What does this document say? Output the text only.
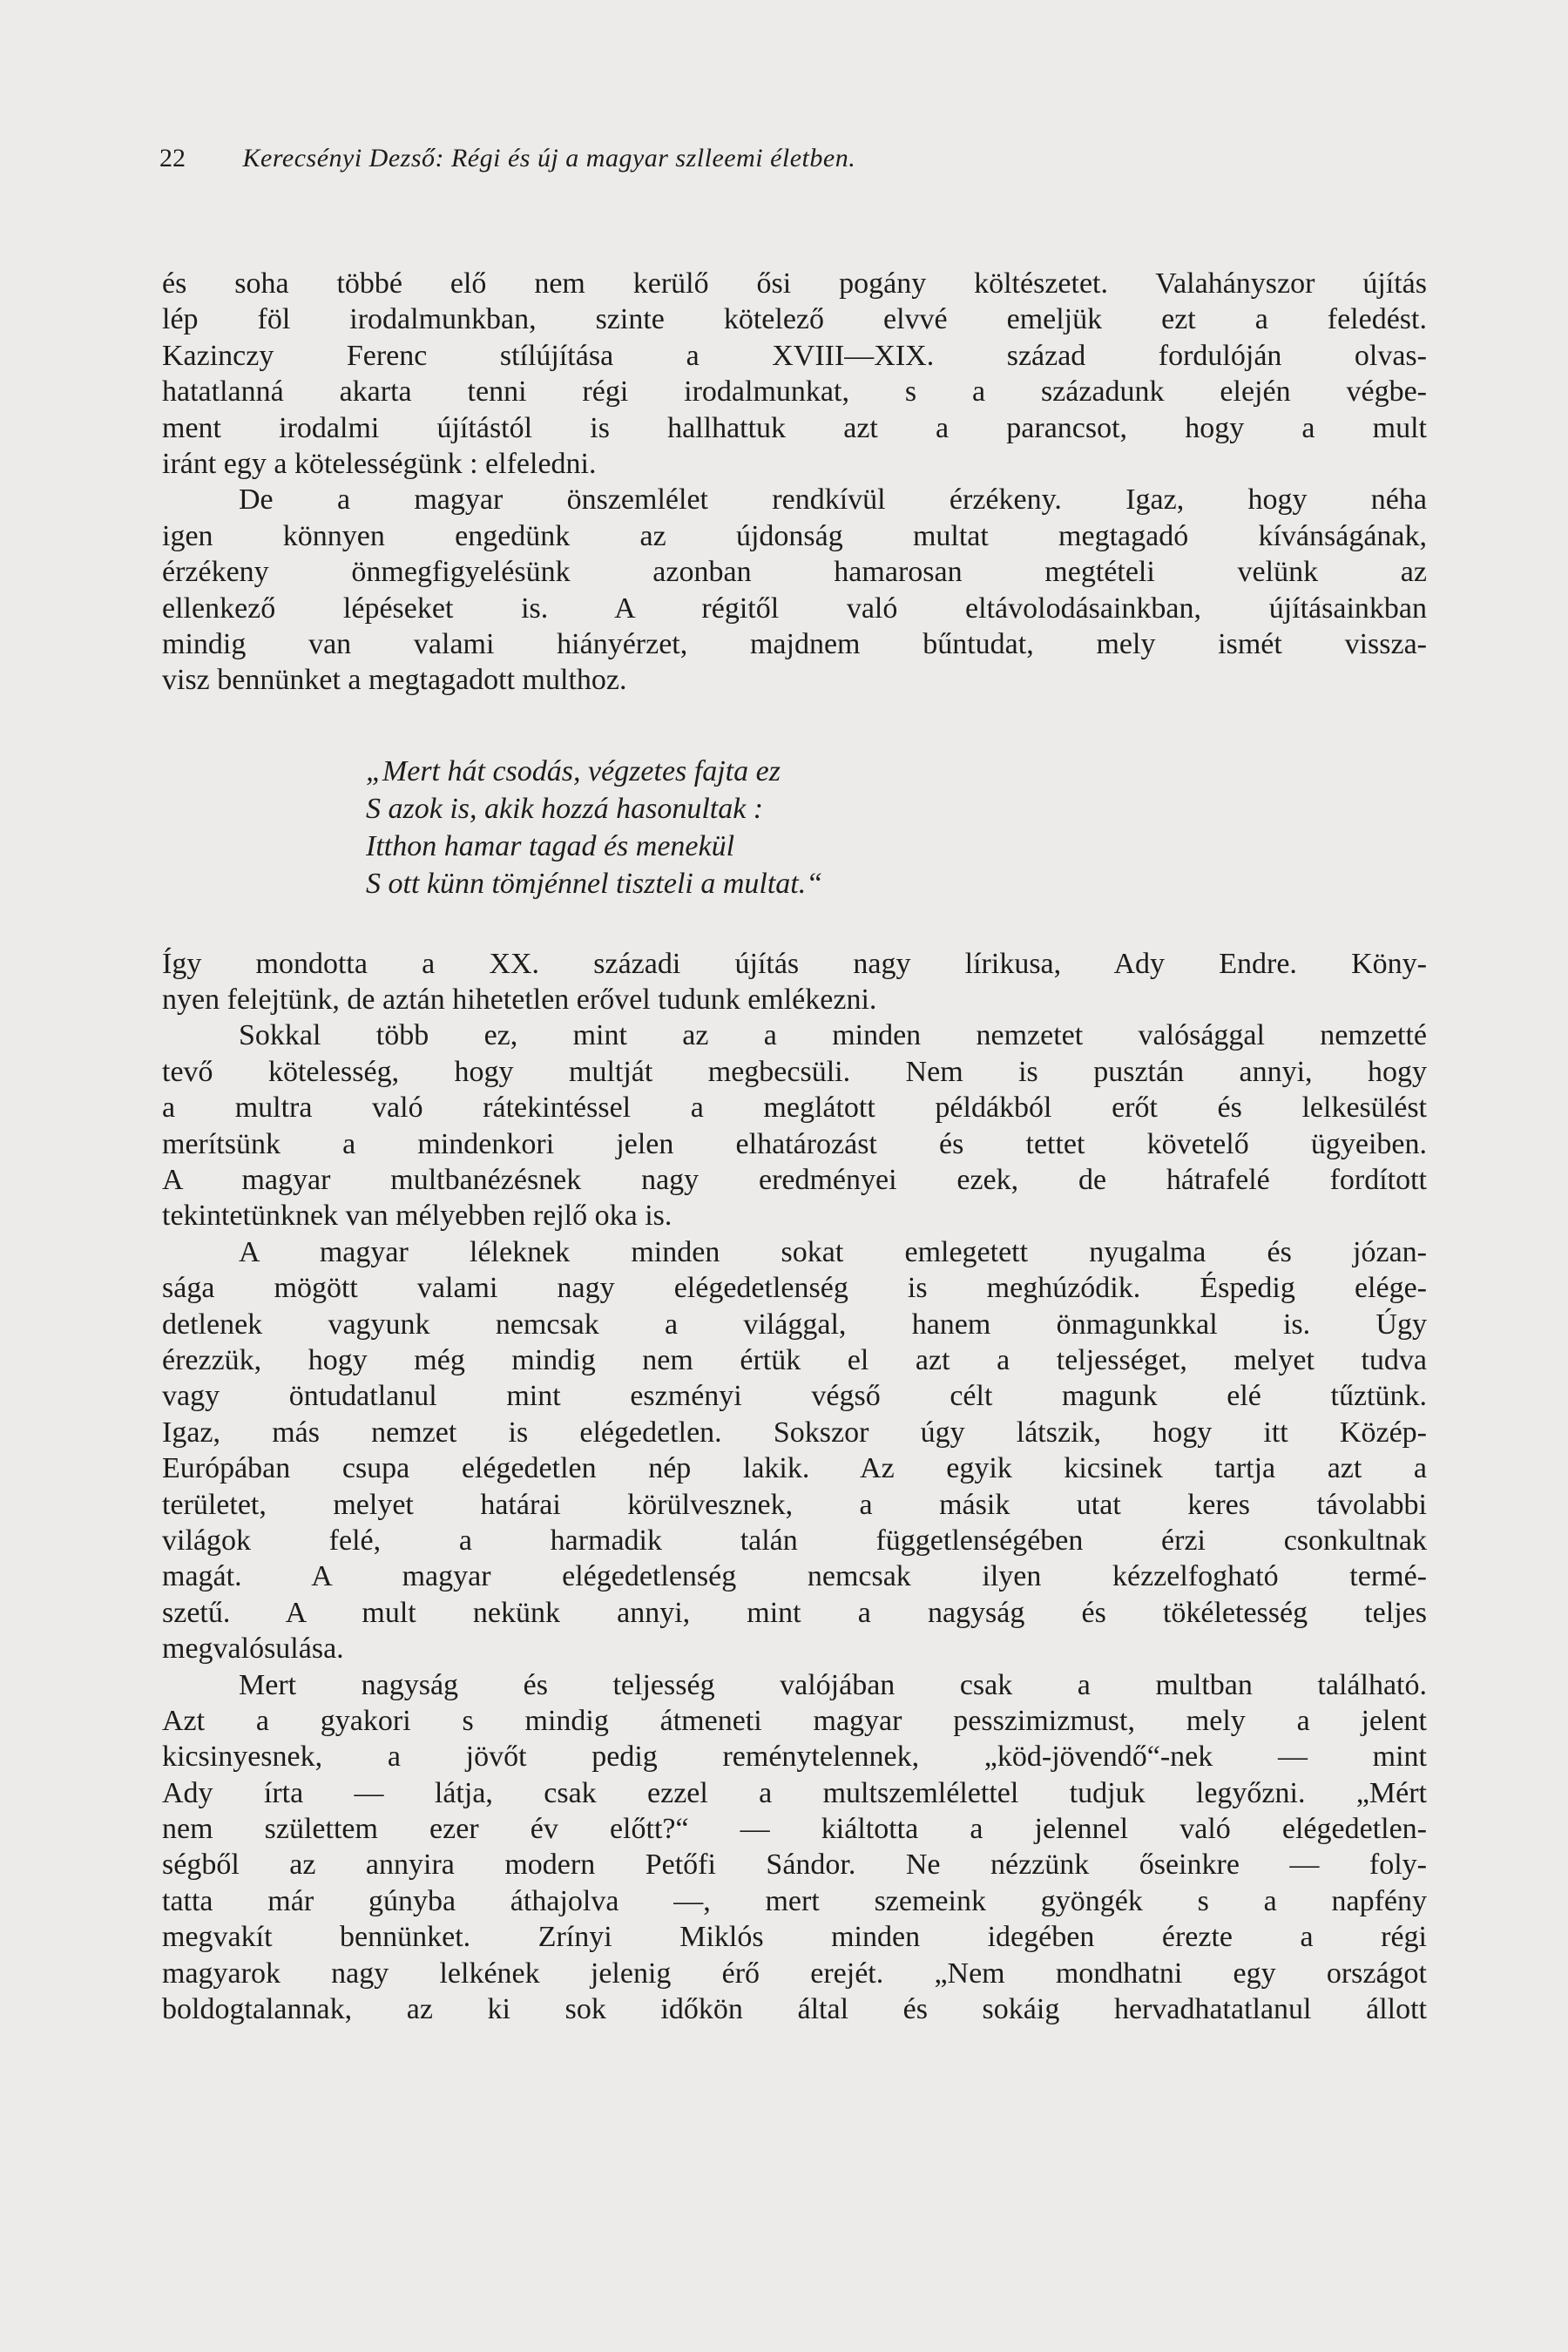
22 Kerecsényi Dezső: Régi és új a magyar szlleemi életben.
és soha többé elő nem kerülő ősi pogány költészetet. Valahányszor újítás
lép föl irodalmunkban, szinte kötelező elvvé emeljük ezt a feledést.
Kazinczy Ferenc stílújítása a XVIII—XIX. század fordulóján olvas-
hatatlanná akarta tenni régi irodalmunkat, s a századunk elején végbe-
ment irodalmi újítástól is hallhattuk azt a parancsot, hogy a mult
iránt egy a kötelességünk : elfeledni.
De a magyar önszemlélet rendkívül érzékeny. Igaz, hogy néha
igen könnyen engedünk az újdonság multat megtagadó kívánságának,
érzékeny önmegfigyelésünk azonban hamarosan megtételi velünk az
ellenkező lépéseket is. A régitől való eltávolodásainkban, újításainkban
mindig van valami hiányérzet, majdnem bűntudat, mely ismét vissza-
visz bennünket a megtagadott multhoz.
„Mert hát csodás, végzetes fajta ez
S azok is, akik hozzá hasonultak :
Itthon hamar tagad és menekül
S ott künn tömjénnel tiszteli a multat.“
Így mondotta a XX. századi újítás nagy lírikusa, Ady Endre. Köny-
nyen felejtünk, de aztán hihetetlen erővel tudunk emlékezni.
Sokkal több ez, mint az a minden nemzetet valósággal nemzetté
tevő kötelesség, hogy multját megbecsüli. Nem is pusztán annyi, hogy
a multra való rátekintéssel a meglátott példákból erőt és lelkesülést
merítsünk a mindenkori jelen elhatározást és tettet követelő ügyeiben.
A magyar multbanézésnek nagy eredményei ezek, de hátrafelé fordított
tekintetünknek van mélyebben rejlő oka is.
A magyar léleknek minden sokat emlegetett nyugalma és józan-
sága mögött valami nagy elégedetlenség is meghúzódik. Éspedig elége-
detlenek vagyunk nemcsak a világgal, hanem önmagunkkal is. Úgy
érezzük, hogy még mindig nem értük el azt a teljességet, melyet tudva
vagy öntudatlanul mint eszményi végső célt magunk elé tűztünk.
Igaz, más nemzet is elégedetlen. Sokszor úgy látszik, hogy itt Közép-
Európában csupa elégedetlen nép lakik. Az egyik kicsinek tartja azt a
területet, melyet határai körülvesznek, a másik utat keres távolabbi
világok felé, a harmadik talán függetlenségében érzi csonkultnak
magát. A magyar elégedetlenség nemcsak ilyen kézzelfogható termé-
szetű. A mult nekünk annyi, mint a nagyság és tökéletesség teljes
megvalósulása.
Mert nagyság és teljesség valójában csak a multban található.
Azt a gyakori s mindig átmeneti magyar pesszimizmust, mely a jelent
kicsinyesnek, a jövőt pedig reménytelennek, „köd-jövendő“-nek — mint
Ady írta — látja, csak ezzel a multszemlélettel tudjuk legyőzni. „Mért
nem születtem ezer év előtt?“ — kiáltotta a jelennel való elégedetlen-
ségből az annyira modern Petőfi Sándor. Ne nézzünk őseinkre — foly-
tatta már gúnyba áthajolva —, mert szemeink gyöngék s a napfény
megvakít bennünket. Zrínyi Miklós minden idegében érezte a régi
magyarok nagy lelkének jelenig érő erejét. „Nem mondhatni egy országot
boldogtalannak, az ki sok időkön által és sokáig hervadhatatlanul állott
